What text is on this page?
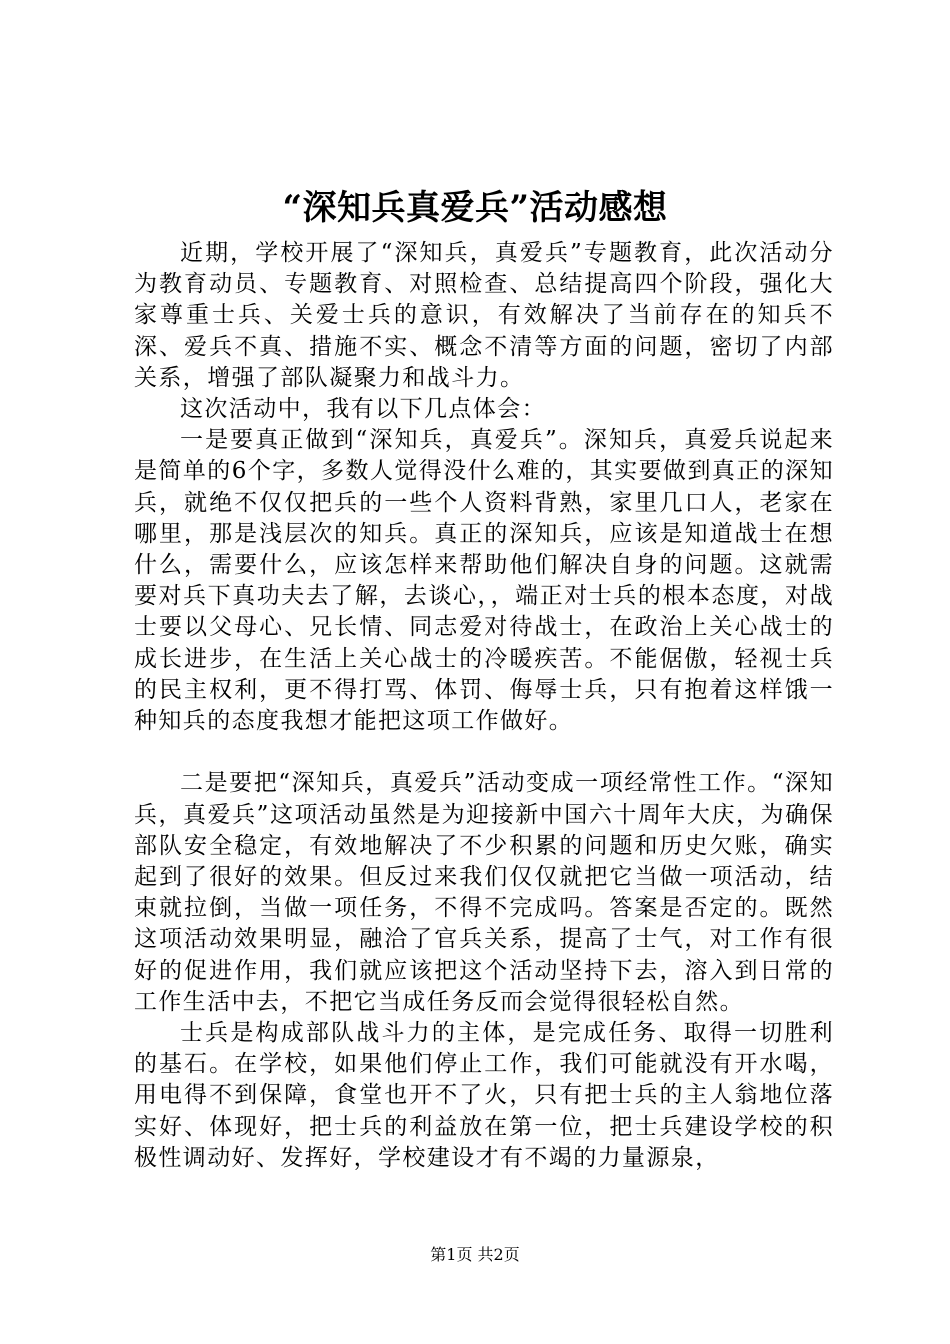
“深知兵真爱兵”活动感想

近期，学校开展了“深知兵，真爱兵”专题教育，此次活动分为教育动员、专题教育、对照检查、总结提高四个阶段，强化大家尊重士兵、关爱士兵的意识，有效解决了当前存在的知兵不深、爱兵不真、措施不实、概念不清等方面的问题，密切了内部关系，增强了部队凝聚力和战斗力。

这次活动中，我有以下几点体会：

一是要真正做到“深知兵，真爱兵”。深知兵，真爱兵说起来是简单的6个字，多数人觉得没什么难的，其实要做到真正的深知兵，就绝不仅仅把兵的一些个人资料背熟，家里几口人，老家在哪里，那是浅层次的知兵。真正的深知兵，应该是知道战士在想什么，需要什么，应该怎样来帮助他们解决自身的问题。这就需要对兵下真功夫去了解，去谈心，，端正对士兵的根本态度，对战士要以父母心、兄长情、同志爱对待战士，在政治上关心战士的成长进步，在生活上关心战士的冷暖疾苦。不能倨傲，轻视士兵的民主权利，更不得打骂、体罚、侮辱士兵，只有抱着这样饿一种知兵的态度我想才能把这项工作做好。

二是要把“深知兵，真爱兵”活动变成一项经常性工作。“深知兵，真爱兵”这项活动虽然是为迎接新中国六十周年大庆，为确保部队安全稳定，有效地解决了不少积累的问题和历史欠账，确实起到了很好的效果。但反过来我们仅仅就把它当做一项活动，结束就拉倒，当做一项任务，不得不完成吗。答案是否定的。既然这项活动效果明显，融洽了官兵关系，提高了士气，对工作有很好的促进作用，我们就应该把这个活动坚持下去，溶入到日常的工作生活中去，不把它当成任务反而会觉得很轻松自然。

士兵是构成部队战斗力的主体，是完成任务、取得一切胜利的基石。在学校，如果他们停止工作，我们可能就没有开水喝，用电得不到保障，食堂也开不了火，只有把士兵的主人翁地位落实好、体现好，把士兵的利益放在第一位，把士兵建设学校的积极性调动好、发挥好，学校建设才有不竭的力量源泉，

第1页 共2页
